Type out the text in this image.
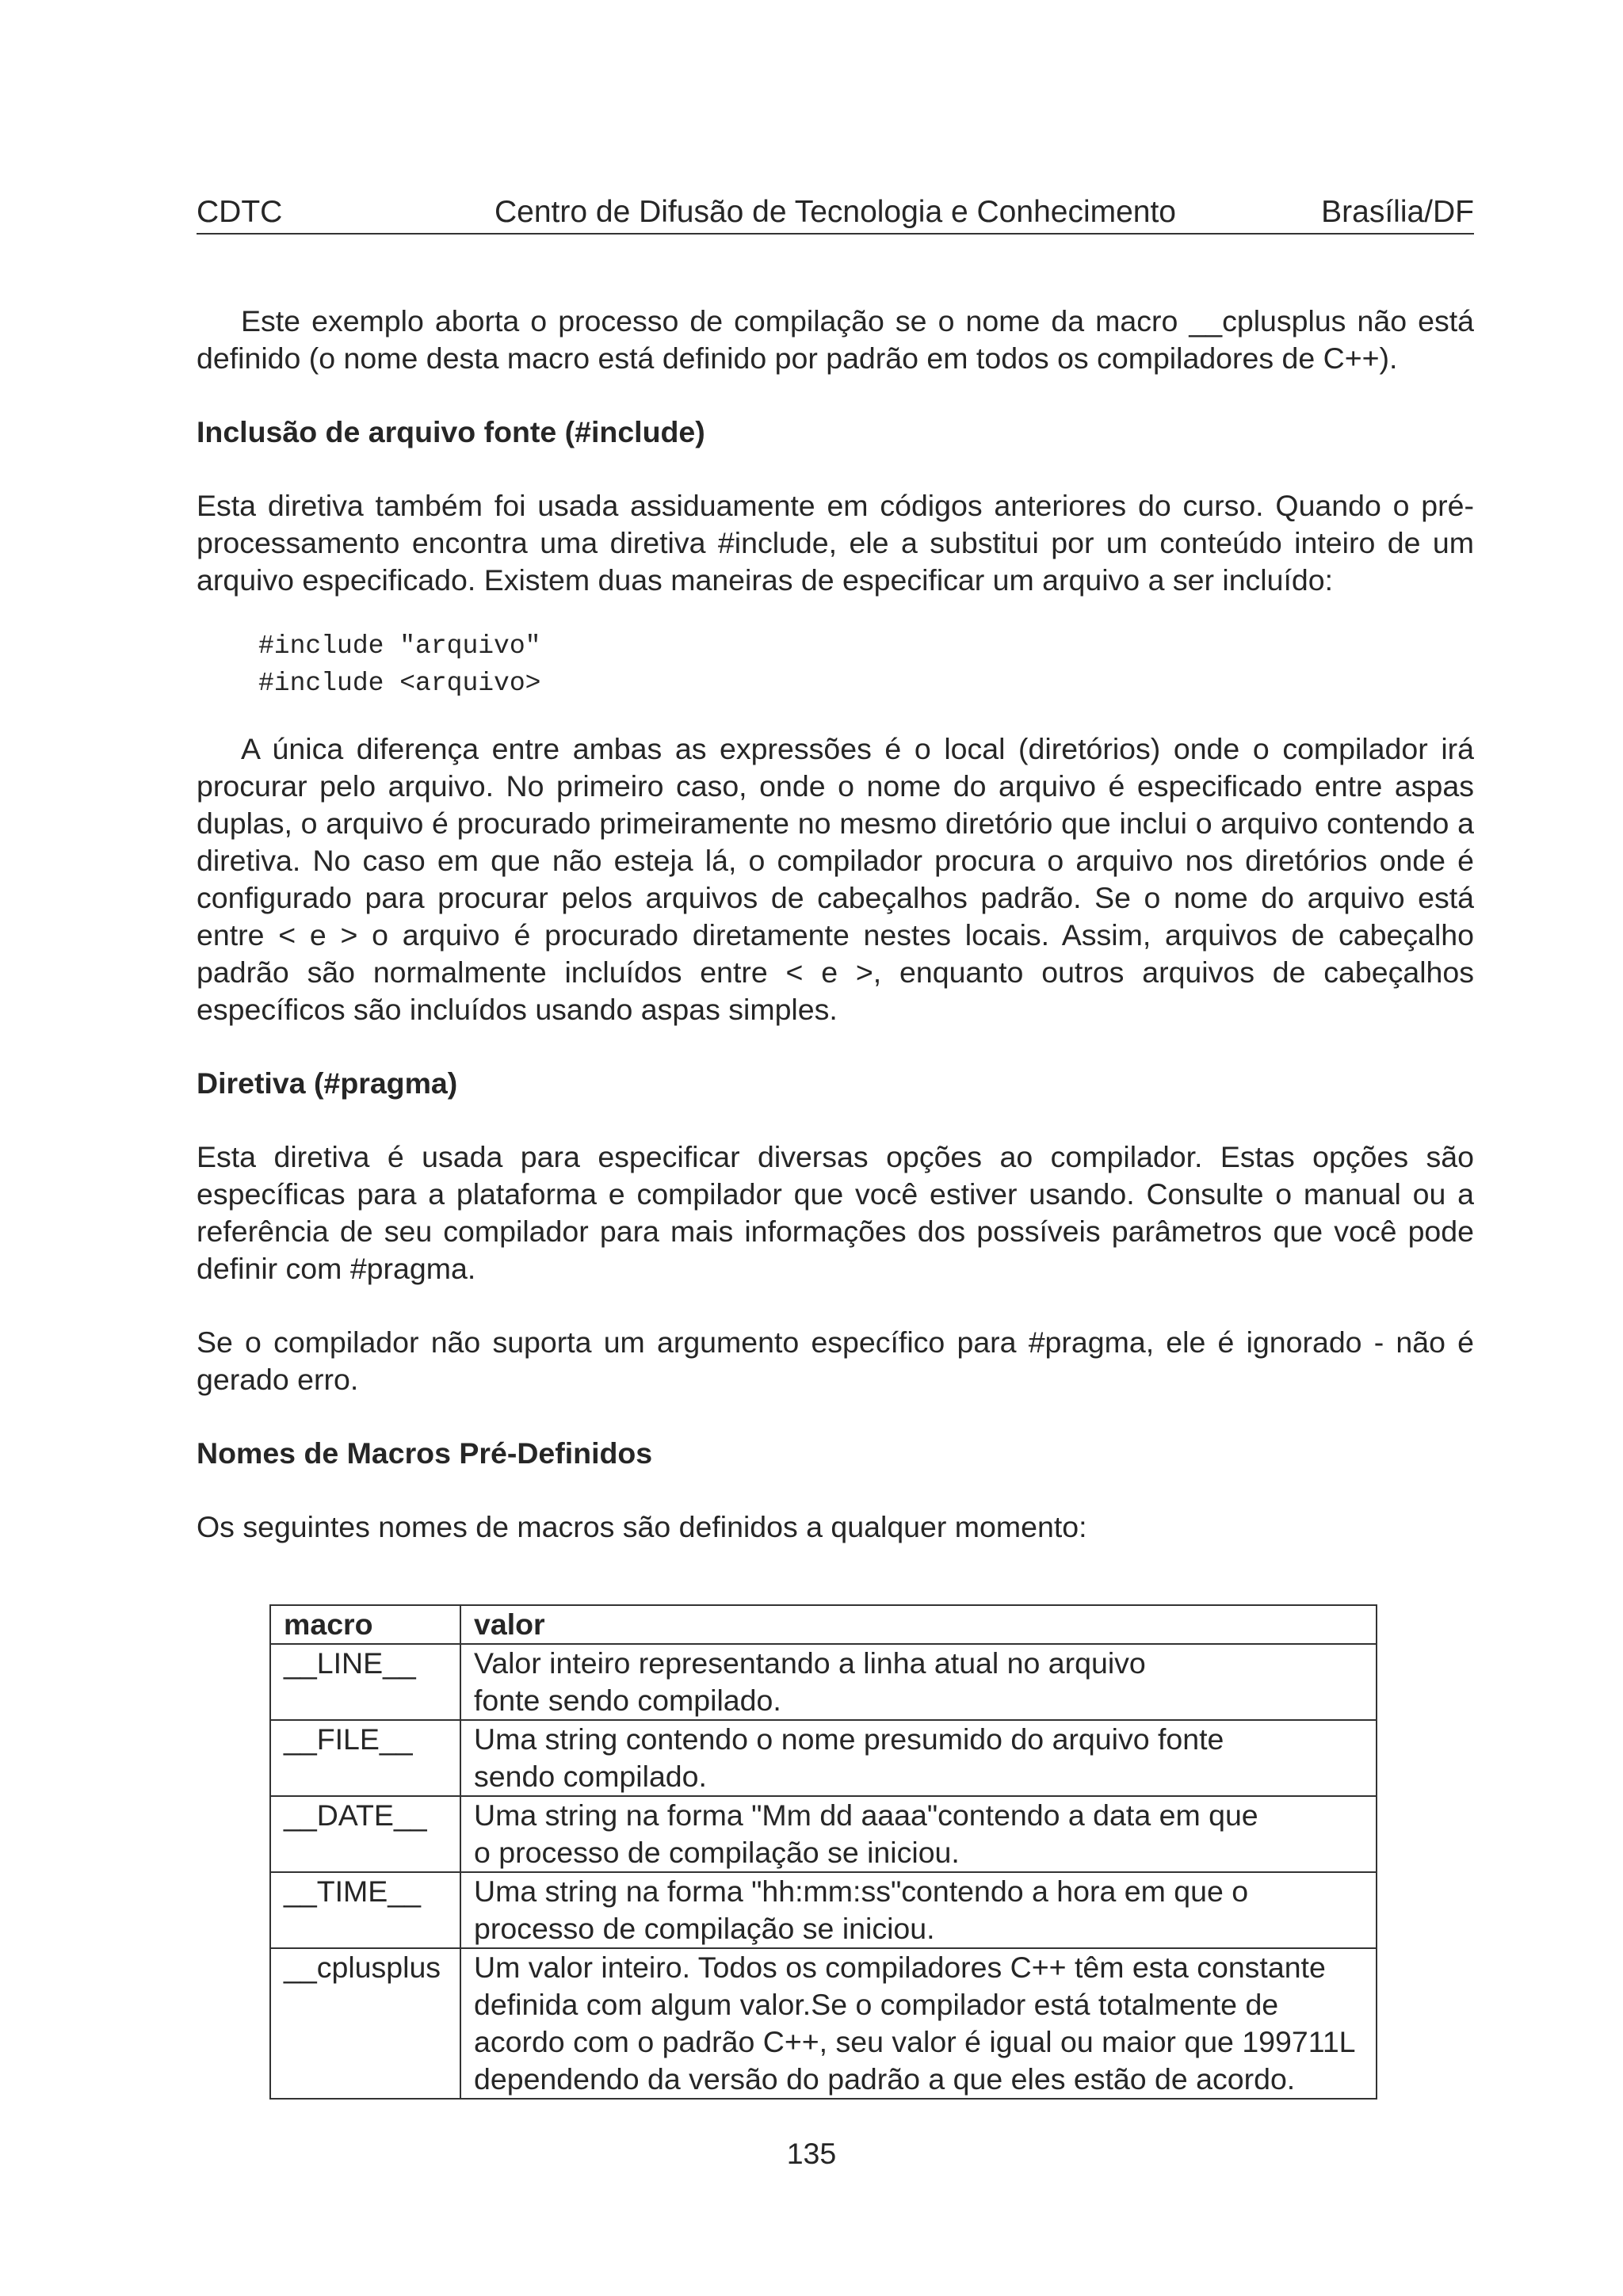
Centro de Difusão de Tecnologia e Conhecimento
CDTC	Brasília/DF

Este exemplo aborta o processo de compilação se o nome da macro __cplusplus não está definido (o nome desta macro está definido por padrão em todos os compiladores de C++).

Inclusão de arquivo fonte (#include)

Esta diretiva também foi usada assiduamente em códigos anteriores do curso. Quando o pré-processamento encontra uma diretiva #include, ele a substitui por um conteúdo inteiro de um arquivo especificado. Existem duas maneiras de especificar um arquivo a ser incluído:

#include "arquivo"
#include <arquivo>

A única diferença entre ambas as expressões é o local (diretórios) onde o compilador irá procurar pelo arquivo. No primeiro caso, onde o nome do arquivo é especificado entre aspas duplas, o arquivo é procurado primeiramente no mesmo diretório que inclui o arquivo contendo a diretiva. No caso em que não esteja lá, o compilador procura o arquivo nos diretórios onde é configurado para procurar pelos arquivos de cabeçalhos padrão. Se o nome do arquivo está entre < e > o arquivo é procurado diretamente nestes locais. Assim, arquivos de cabeçalho padrão são normalmente incluídos entre < e >, enquanto outros arquivos de cabeçalhos específicos são incluídos usando aspas simples.

Diretiva (#pragma)

Esta diretiva é usada para especificar diversas opções ao compilador. Estas opções são específicas para a plataforma e compilador que você estiver usando. Consulte o manual ou a referência de seu compilador para mais informações dos possíveis parâmetros que você pode definir com #pragma.

Se o compilador não suporta um argumento específico para #pragma, ele é ignorado - não é gerado erro.

Nomes de Macros Pré-Definidos

Os seguintes nomes de macros são definidos a qualquer momento:

macro	valor
__LINE__	Valor inteiro representando a linha atual no arquivo
fonte sendo compilado.

__FILE__	Uma string contendo o nome presumido do arquivo fonte
sendo compilado.

__DATE__	Uma string na forma "Mm dd aaaa"contendo a data em que
o processo de compilação se iniciou.

__TIME__	Uma string na forma "hh:mm:ss"contendo a hora em que o
processo de compilação se iniciou.

__cplusplus	Um valor inteiro. Todos os compiladores C++ têm esta constante
definida com algum valor.Se o compilador está totalmente de
acordo com o padrão C++, seu valor é igual ou maior que 199711L
dependendo da versão do padrão a que eles estão de acordo.
135
